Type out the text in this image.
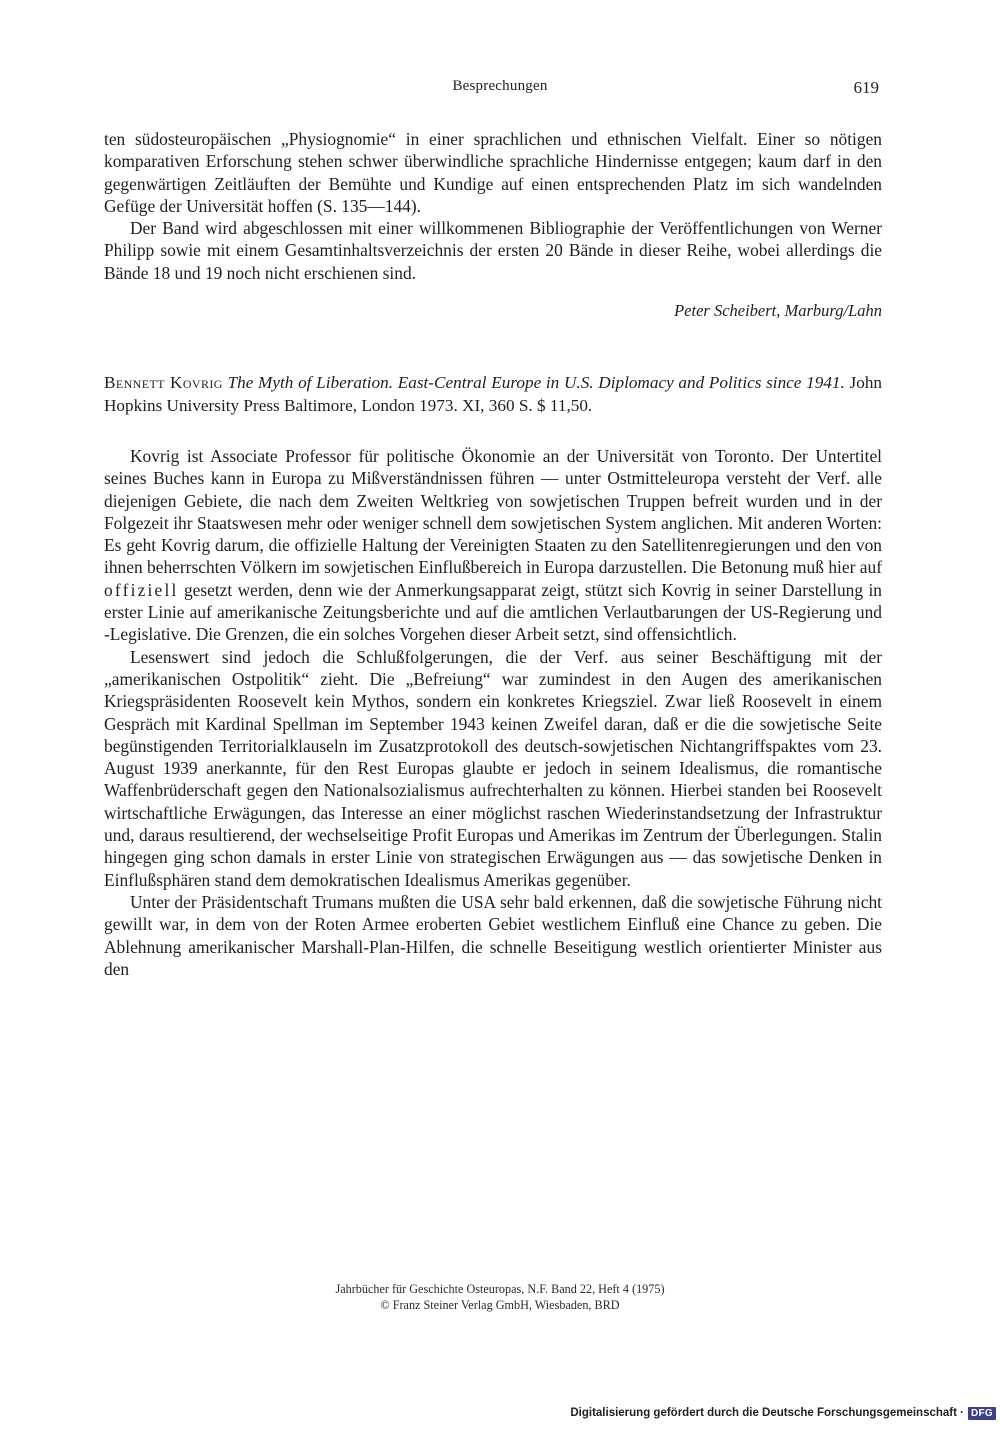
Besprechungen	619

ten südosteuropäischen „Physiognomie“ in einer sprachlichen und ethnischen Vielfalt. Einer so nötigen komparativen Erforschung stehen schwer überwindliche sprachliche Hindernisse entgegen; kaum darf in den gegenwärtigen Zeitläuften der Bemühte und Kundige auf einen entsprechenden Platz im sich wandelnden Gefüge der Universität hoffen (S. 135—144).

Der Band wird abgeschlossen mit einer willkommenen Bibliographie der Veröffentlichungen von Werner Philipp sowie mit einem Gesamtinhaltsverzeichnis der ersten 20 Bände in dieser Reihe, wobei allerdings die Bände 18 und 19 noch nicht erschienen sind.

Peter Scheibert, Marburg/Lahn

Bennett Kovrig The Myth of Liberation. East-Central Europe in U.S. Diplomacy and Politics since 1941. John Hopkins University Press Baltimore, London 1973. XI, 360 S. $ 11,50.

Kovrig ist Associate Professor für politische Ökonomie an der Universität von Toronto. Der Untertitel seines Buches kann in Europa zu Mißverständnissen führen — unter Ostmitteleuropa versteht der Verf. alle diejenigen Gebiete, die nach dem Zweiten Weltkrieg von sowjetischen Truppen befreit wurden und in der Folgezeit ihr Staatswesen mehr oder weniger schnell dem sowjetischen System anglichen. Mit anderen Worten: Es geht Kovrig darum, die offizielle Haltung der Vereinigten Staaten zu den Satellitenregierungen und den von ihnen beherrschten Völkern im sowjetischen Einflußbereich in Europa darzustellen. Die Betonung muß hier auf offiziell gesetzt werden, denn wie der Anmerkungsapparat zeigt, stützt sich Kovrig in seiner Darstellung in erster Linie auf amerikanische Zeitungsberichte und auf die amtlichen Verlautbarungen der US-Regierung und -Legislative. Die Grenzen, die ein solches Vorgehen dieser Arbeit setzt, sind offensichtlich.

Lesenswert sind jedoch die Schlußfolgerungen, die der Verf. aus seiner Beschäftigung mit der „amerikanischen Ostpolitik“ zieht. Die „Befreiung“ war zumindest in den Augen des amerikanischen Kriegspräsidenten Roosevelt kein Mythos, sondern ein konkretes Kriegsziel. Zwar ließ Roosevelt in einem Gespräch mit Kardinal Spellman im September 1943 keinen Zweifel daran, daß er die die sowjetische Seite begünstigenden Territorialklauseln im Zusatzprotokoll des deutsch-sowjetischen Nichtangriffspaktes vom 23. August 1939 anerkannte, für den Rest Europas glaubte er jedoch in seinem Idealismus, die romantische Waffenbrüderschaft gegen den Nationalsozialismus aufrechterhalten zu können. Hierbei standen bei Roosevelt wirtschaftliche Erwägungen, das Interesse an einer möglichst raschen Wiederinstandsetzung der Infrastruktur und, daraus resultierend, der wechselseitige Profit Europas und Amerikas im Zentrum der Überlegungen. Stalin hingegen ging schon damals in erster Linie von strategischen Erwägungen aus — das sowjetische Denken in Einflußsphären stand dem demokratischen Idealismus Amerikas gegenüber.

Unter der Präsidentschaft Trumans mußten die USA sehr bald erkennen, daß die sowjetische Führung nicht gewillt war, in dem von der Roten Armee eroberten Gebiet westlichem Einfluß eine Chance zu geben. Die Ablehnung amerikanischer Marshall-Plan-Hilfen, die schnelle Beseitigung westlich orientierter Minister aus den

Jahrbücher für Geschichte Osteuropas, N.F. Band 22, Heft 4 (1975)
© Franz Steiner Verlag GmbH, Wiesbaden, BRD
Digitalisierung gefördert durch die Deutsche Forschungsgemeinschaft · DFG
